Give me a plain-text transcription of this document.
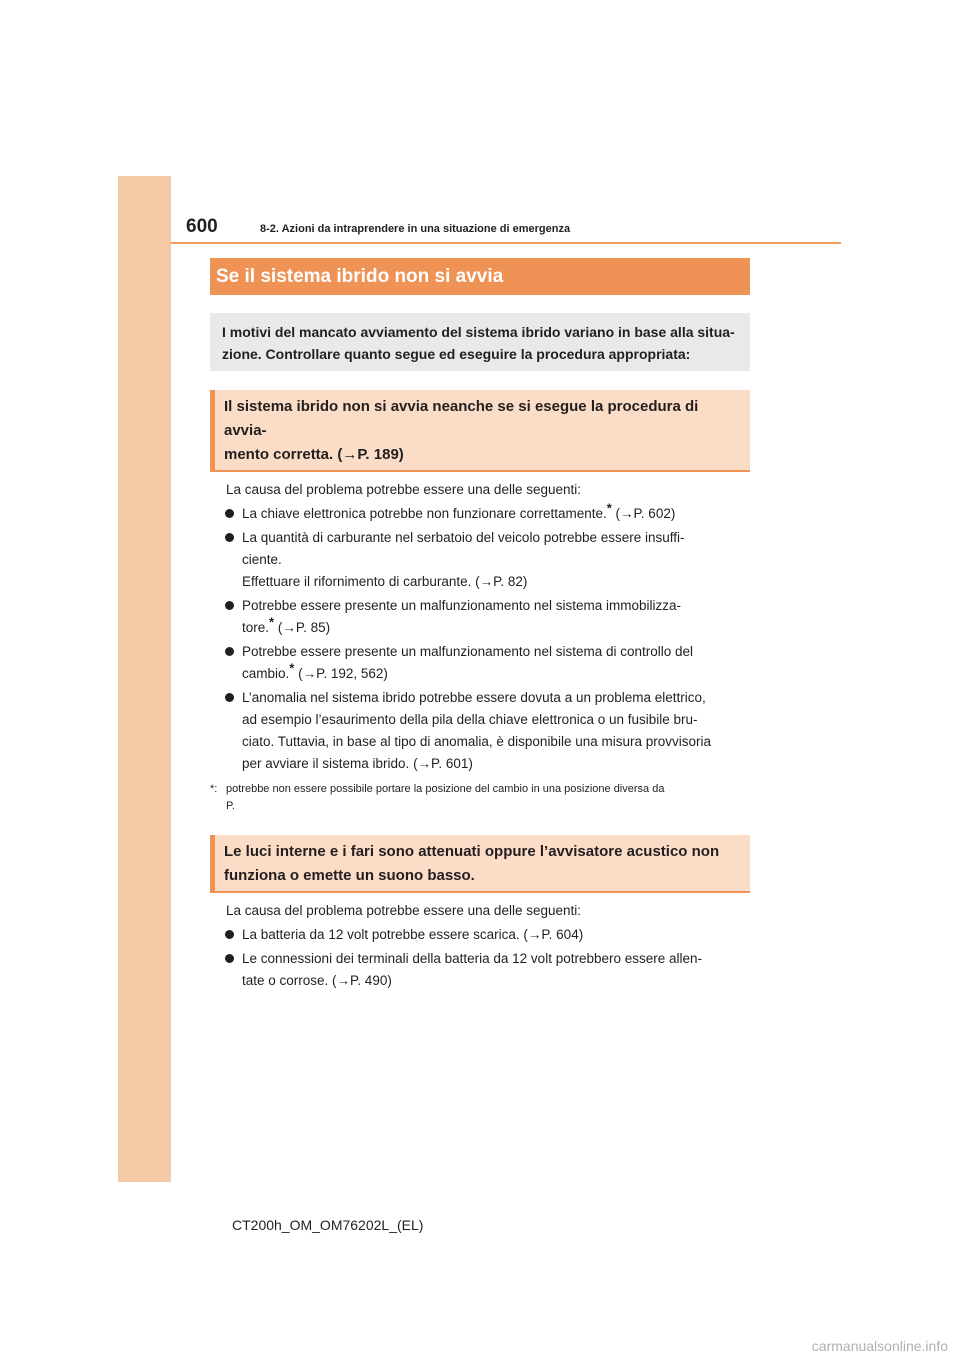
600	8-2. Azioni da intraprendere in una situazione di emergenza
Se il sistema ibrido non si avvia
I motivi del mancato avviamento del sistema ibrido variano in base alla situa-
zione. Controllare quanto segue ed eseguire la procedura appropriata:
Il sistema ibrido non si avvia neanche se si esegue la procedura di avvia-
mento corretta. (→P. 189)
La causa del problema potrebbe essere una delle seguenti:
La chiave elettronica potrebbe non funzionare correttamente.* (→P. 602)
La quantità di carburante nel serbatoio del veicolo potrebbe essere insuffi-
ciente.
Effettuare il rifornimento di carburante. (→P. 82)
Potrebbe essere presente un malfunzionamento nel sistema immobilizza-
tore.* (→P. 85)
Potrebbe essere presente un malfunzionamento nel sistema di controllo del
cambio.* (→P. 192, 562)
L’anomalia nel sistema ibrido potrebbe essere dovuta a un problema elettrico,
ad esempio l’esaurimento della pila della chiave elettronica o un fusibile bru-
ciato. Tuttavia, in base al tipo di anomalia, è disponibile una misura provvisoria
per avviare il sistema ibrido. (→P. 601)
*: potrebbe non essere possibile portare la posizione del cambio in una posizione diversa da
P.
Le luci interne e i fari sono attenuati oppure l’avvisatore acustico non
funziona o emette un suono basso.
La causa del problema potrebbe essere una delle seguenti:
La batteria da 12 volt potrebbe essere scarica. (→P. 604)
Le connessioni dei terminali della batteria da 12 volt potrebbero essere allen-
tate o corrose. (→P. 490)
CT200h_OM_OM76202L_(EL)
carmanualsonline.info
